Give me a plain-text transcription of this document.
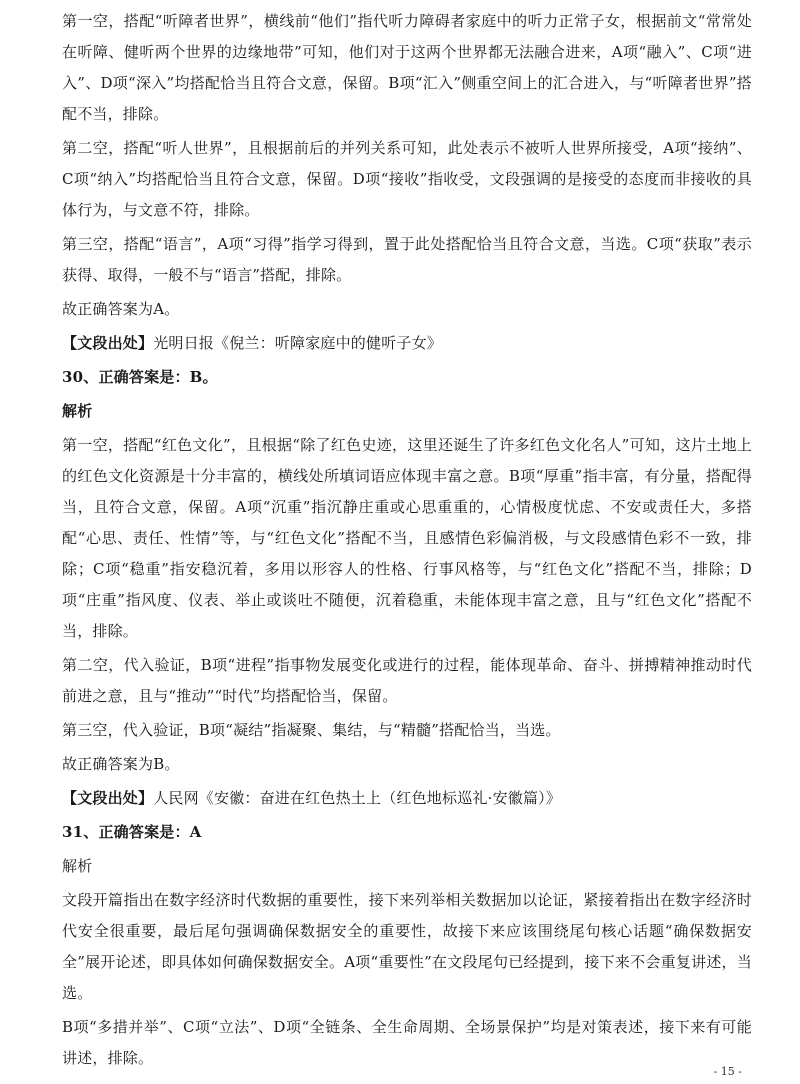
第一空，搭配“听障者世界”，横线前“他们”指代听力障碍者家庭中的听力正常子女，根据前文“常常处在听障、健听两个世界的边缘地带”可知，他们对于这两个世界都无法融合进来，A项“融入”、C项“进入”、D项“深入”均搭配恰当且符合文意，保留。B项“汇入”侧重空间上的汇合进入，与“听障者世界”搭配不当，排除。

第二空，搭配“听人世界”，且根据前后的并列关系可知，此处表示不被听人世界所接受，A项“接纳”、C项“纳入”均搭配恰当且符合文意，保留。D项“接收”指收受，文段强调的是接受的态度而非接收的具体行为，与文意不符，排除。

第三空，搭配“语言”，A项“习得”指学习得到，置于此处搭配恰当且符合文意，当选。C项“获取”表示获得、取得，一般不与“语言”搭配，排除。

故正确答案为A。

【文段出处】光明日报《倪兰：听障家庭中的健听子女》

30、正确答案是：B。

解析

第一空，搭配“红色文化”，且根据“除了红色史迹，这里还诞生了许多红色文化名人”可知，这片土地上的红色文化资源是十分丰富的，横线处所填词语应体现丰富之意。B项“厚重”指丰富，有分量，搭配得当，且符合文意，保留。A项“沉重”指沉静庄重或心思重重的，心情极度忧虑、不安或责任大，多搭配“心思、责任、性情”等，与“红色文化”搭配不当，且感情色彩偏消极，与文段感情色彩不一致，排除；C项“稳重”指安稳沉着，多用以形容人的性格、行事风格等，与“红色文化”搭配不当，排除；D项“庄重”指风度、仪表、举止或谈吐不随便，沉着稳重，未能体现丰富之意，且与“红色文化”搭配不当，排除。

第二空，代入验证，B项“进程”指事物发展变化或进行的过程，能体现革命、奋斗、拼搏精神推动时代前进之意，且与“推动”“时代”均搭配恰当，保留。

第三空，代入验证，B项“凝结”指凝聚、集结，与“精髓”搭配恰当，当选。

故正确答案为B。

【文段出处】人民网《安徽：奋进在红色热土上（红色地标巡礼·安徽篇）》

31、正确答案是：A

解析

文段开篇指出在数字经济时代数据的重要性，接下来列举相关数据加以论证，紧接着指出在数字经济时代安全很重要，最后尾句强调确保数据安全的重要性，故接下来应该围绕尾句核心话题“确保数据安全”展开论述，即具体如何确保数据安全。A项“重要性”在文段尾句已经提到，接下来不会重复讲述，当选。

B项“多措并举”、C项“立法”、D项“全链条、全生命周期、全场景保护”均是对策表述，接下来有可能讲述，排除。

- 15 -
